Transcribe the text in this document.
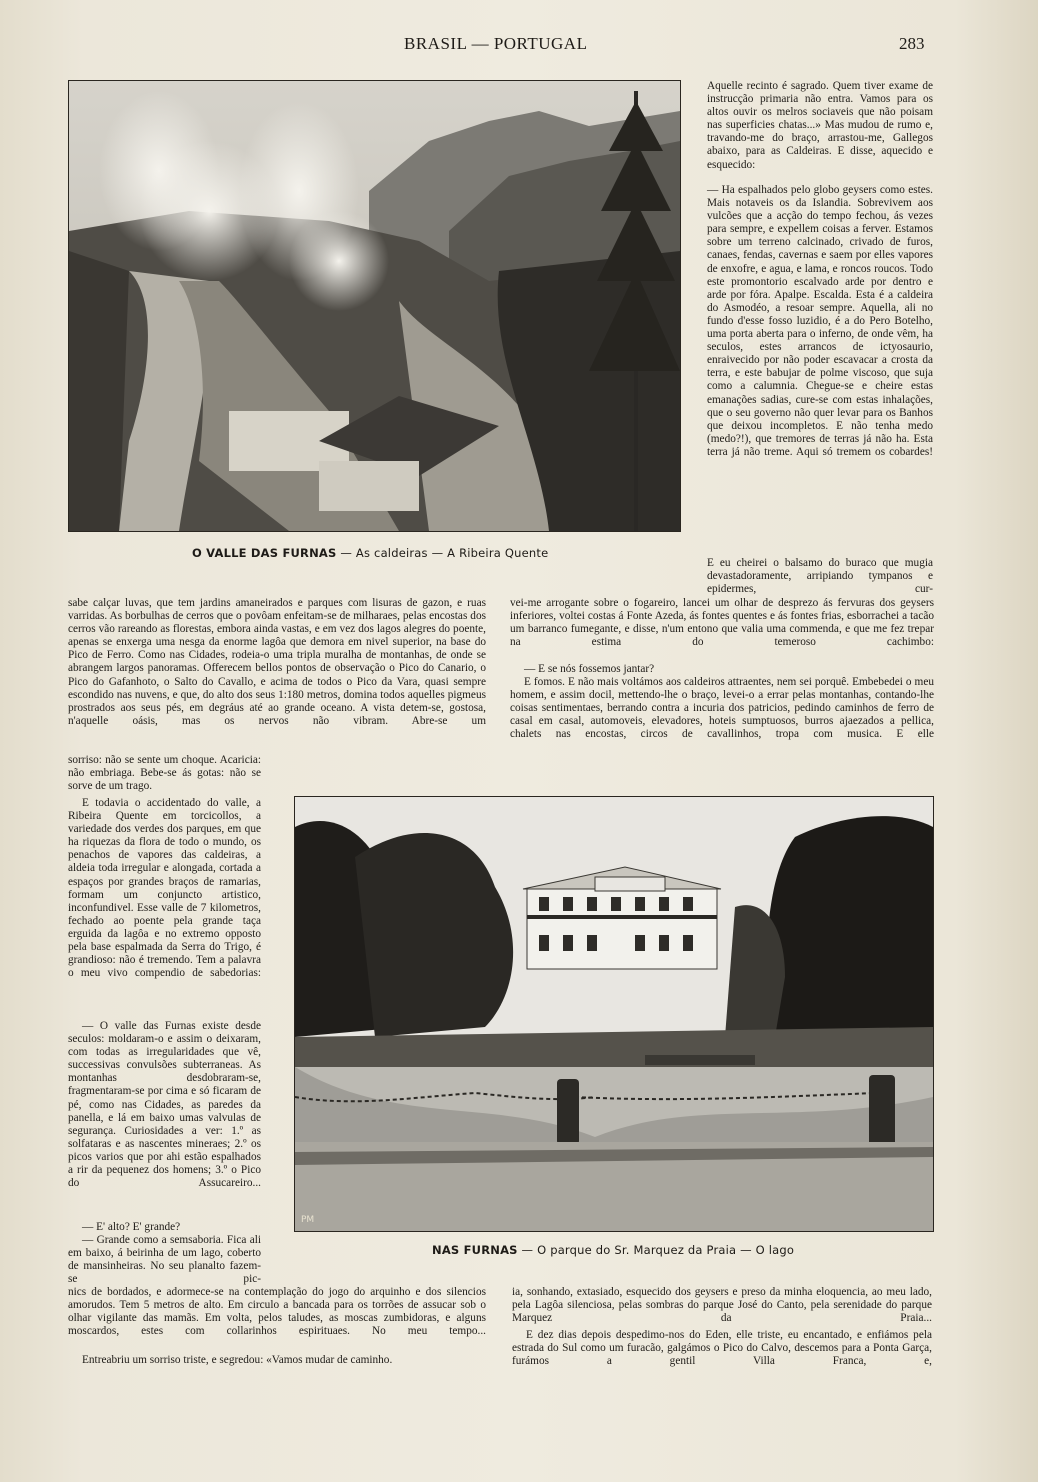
BRASIL — PORTUGAL	283
O VALLE DAS FURNAS — As caldeiras — A Ribeira Quente
Aquelle recinto é sagrado. Quem tiver exame de instrucção primaria não entra. Vamos para os altos ouvir os melros sociaveis que não poisam nas superficies chatas...» Mas mudou de rumo e, travando-me do braço, arrastou-me, Gallegos abaixo, para as Caldeiras. E disse, aquecido e esquecido:
— Ha espalhados pelo globo geysers como estes. Mais notaveis os da Islandia. Sobrevivem aos vulcões que a acção do tempo fechou, ás vezes para sempre, e expellem coisas a ferver. Estamos sobre um terreno calcinado, crivado de furos, canaes, fendas, cavernas e saem por elles vapores de enxofre, e agua, e lama, e roncos roucos. Todo este promontorio escalvado arde por dentro e arde por fóra. Apalpe. Escalda. Esta é a caldeira do Asmodéo, a resoar sempre. Aquella, ali no fundo d'esse fosso luzidio, é a do Pero Botelho, uma porta aberta para o inferno, de onde vêm, ha seculos, estes arrancos de ictyosaurio, enraivecido por não poder escavacar a crosta da terra, e este babujar de polme viscoso, que suja como a calumnia. Chegue-se e cheire estas emanações sadias, cure-se com estas inhalações, que o seu governo não quer levar para os Banhos que deixou incompletos. E não tenha medo (medo?!), que tremores de terras já não ha. Esta terra já não treme. Aqui só tremem os cobardes!
E eu cheirei o balsamo do buraco que mugia devastadoramente, arripiando tympanos e epidermes, cur-
sabe calçar luvas, que tem jardins amaneirados e parques com lisuras de gazon, e ruas varridas. As borbulhas de cerros que o povôam enfeitam-se de milharaes, pelas encostas dos cerros vão rareando as florestas, embora ainda vastas, e em vez dos lagos alegres do poente, apenas se enxerga uma nesga da enorme lagôa que demora em nivel superior, na base do Pico de Ferro. Como nas Cidades, rodeia-o uma tripla muralha de montanhas, de onde se abrangem largos panoramas. Offerecem bellos pontos de observação o Pico do Canario, o Pico do Gafanhoto, o Salto do Cavallo, e acima de todos o Pico da Vara, quasi sempre escondido nas nuvens, e que, do alto dos seus 1:180 metros, domina todos aquelles pigmeus prostrados aos seus pés, em degráus até ao grande oceano. A vista detem-se, gostosa, n'aquelle oásis, mas os nervos não vibram. Abre-se um
sorriso: não se sente um choque. Acaricia: não embriaga. Bebe-se ás gotas: não se sorve de um trago.
vei-me arrogante sobre o fogareiro, lancei um olhar de desprezo ás fervuras dos geysers inferiores, voltei costas á Fonte Azeda, ás fontes quentes e ás fontes frias, esborrachei a tacão um barranco fumegante, e disse, n'um entono que valia uma commenda, e que me fez trepar na estima do temeroso cachimbo:
— E se nós fossemos jantar?
E fomos. E não mais voltámos aos caldeiros attraentes, nem sei porquê. Embebedei o meu homem, e assim docil, mettendo-lhe o braço, levei-o a errar pelas montanhas, contando-lhe coisas sentimentaes, berrando contra a incuria dos patricios, pedindo caminhos de ferro de casal em casal, automoveis, elevadores, hoteis sumptuosos, burros ajaezados a pellica, chalets nas encostas, circos de cavallinhos, tropa com musica. E elle
E todavia o accidentado do valle, a Ribeira Quente em torcicollos, a variedade dos verdes dos parques, em que ha riquezas da flora de todo o mundo, os penachos de vapores das caldeiras, a aldeia toda irregular e alongada, cortada a espaços por grandes braços de ramarias, formam um conjuncto artistico, inconfundivel. Esse valle de 7 kilometros, fechado ao poente pela grande taça erguida da lagôa e no extremo opposto pela base espalmada da Serra do Trigo, é grandioso: não é tremendo. Tem a palavra o meu vivo compendio de sabedorias:
— O valle das Furnas existe desde seculos: moldaram-o e assim o deixaram, com todas as irregularidades que vê, successivas convulsões subterraneas. As montanhas desdobraram-se, fragmentaram-se por cima e só ficaram de pé, como nas Cidades, as paredes da panella, e lá em baixo umas valvulas de segurança. Curiosidades a ver: 1.º as solfataras e as nascentes mineraes; 2.º os picos varios que por ahi estão espalhados a rir da pequenez dos homens; 3.º o Pico do Assucareiro...
— E' alto? E' grande?
— Grande como a semsaboria. Fica ali em baixo, á beirinha de um lago, coberto de mansinheiras. No seu planalto fazem-se pic-
PM
NAS FURNAS — O parque do Sr. Marquez da Praia — O lago
nics de bordados, e adormece-se na contemplação do jogo do arquinho e dos silencios amorudos. Tem 5 metros de alto. Em circulo a bancada para os torrões de assucar sob o olhar vigilante das mamãs. Em volta, pelos taludes, as moscas zumbidoras, e alguns moscardos, estes com collarinhos espirituaes. No meu tempo...
Entreabriu um sorriso triste, e segredou: «Vamos mudar de caminho.
ia, sonhando, extasiado, esquecido dos geysers e preso da minha eloquencia, ao meu lado, pela Lagôa silenciosa, pelas sombras do parque José do Canto, pela serenidade do parque Marquez da Praia...
E dez dias depois despedimo-nos do Eden, elle triste, eu encantado, e enfiámos pela estrada do Sul como um furacão, galgámos o Pico do Calvo, descemos para a Ponta Garça, furámos a gentil Villa Franca, e,
